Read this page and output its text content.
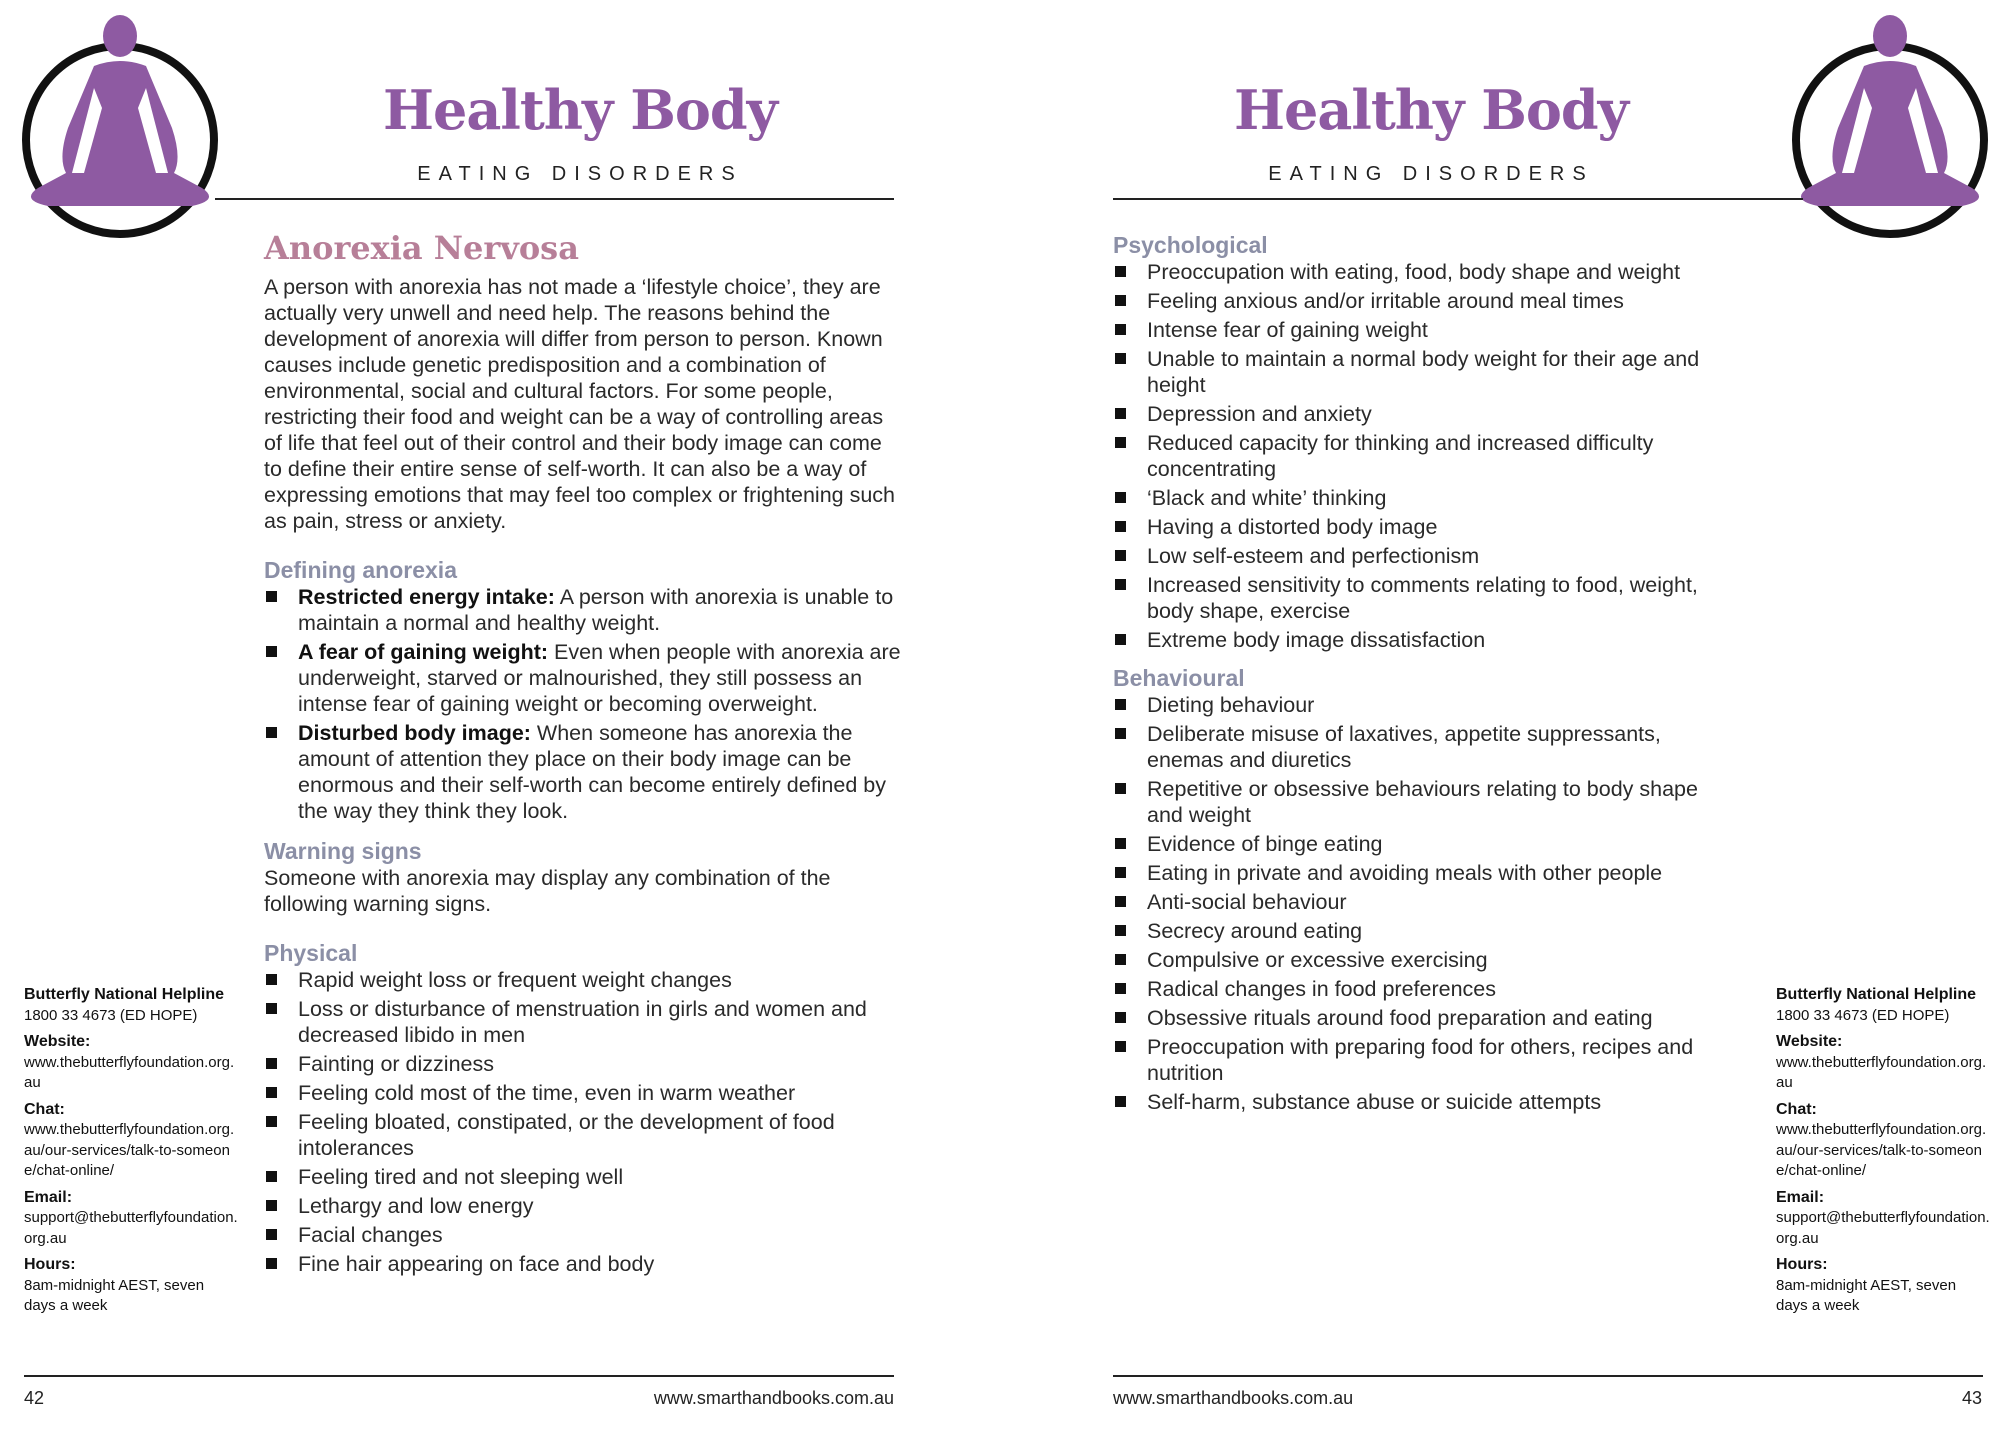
Healthy Body
EATING DISORDERS
Anorexia Nervosa

A person with anorexia has not made a ‘lifestyle choice’, they are actually very unwell and need help. The reasons behind the development of anorexia will differ from person to person. Known causes include genetic predisposition and a combination of environmental, social and cultural factors. For some people, restricting their food and weight can be a way of controlling areas of life that feel out of their control and their body image can come to define their entire sense of self-worth. It can also be a way of expressing emotions that may feel too complex or frightening such as pain, stress or anxiety.

Defining anorexia
Restricted energy intake: A person with anorexia is unable to maintain a normal and healthy weight.
A fear of gaining weight: Even when people with anorexia are underweight, starved or malnourished, they still possess an intense fear of gaining weight or becoming overweight.
Disturbed body image: When someone has anorexia the amount of attention they place on their body image can be enormous and their self-worth can become entirely defined by the way they think they look.
Warning signs

Someone with anorexia may display any combination of the following warning signs.

Physical
Rapid weight loss or frequent weight changes
Loss or disturbance of menstruation in girls and women and decreased libido in men
Fainting or dizziness
Feeling cold most of the time, even in warm weather
Feeling bloated, constipated, or the development of food intolerances
Feeling tired and not sleeping well
Lethargy and low energy
Facial changes
Fine hair appearing on face and body
Butterfly National Helpline
1800 33 4673 (ED HOPE)
Website:
www.thebutterflyfoundation.org.au
Chat:
www.thebutterflyfoundation.org.au/our-services/talk-to-someone/chat-online/
Email:
support@thebutterflyfoundation.org.au
Hours:
8am-midnight AEST, seven days a week
42	www.smarthandbooks.com.au
Healthy Body
EATING DISORDERS
Psychological
Preoccupation with eating, food, body shape and weight
Feeling anxious and/or irritable around meal times
Intense fear of gaining weight
Unable to maintain a normal body weight for their age and height
Depression and anxiety
Reduced capacity for thinking and increased difficulty concentrating
‘Black and white’ thinking
Having a distorted body image
Low self-esteem and perfectionism
Increased sensitivity to comments relating to food, weight, body shape, exercise
Extreme body image dissatisfaction
Behavioural
Dieting behaviour
Deliberate misuse of laxatives, appetite suppressants, enemas and diuretics
Repetitive or obsessive behaviours relating to body shape and weight
Evidence of binge eating
Eating in private and avoiding meals with other people
Anti-social behaviour
Secrecy around eating
Compulsive or excessive exercising
Radical changes in food preferences
Obsessive rituals around food preparation and eating
Preoccupation with preparing food for others, recipes and nutrition
Self-harm, substance abuse or suicide attempts
Butterfly National Helpline
1800 33 4673 (ED HOPE)
Website:
www.thebutterflyfoundation.org.au
Chat:
www.thebutterflyfoundation.org.au/our-services/talk-to-someone/chat-online/
Email:
support@thebutterflyfoundation.org.au
Hours:
8am-midnight AEST, seven days a week
www.smarthandbooks.com.au	43
